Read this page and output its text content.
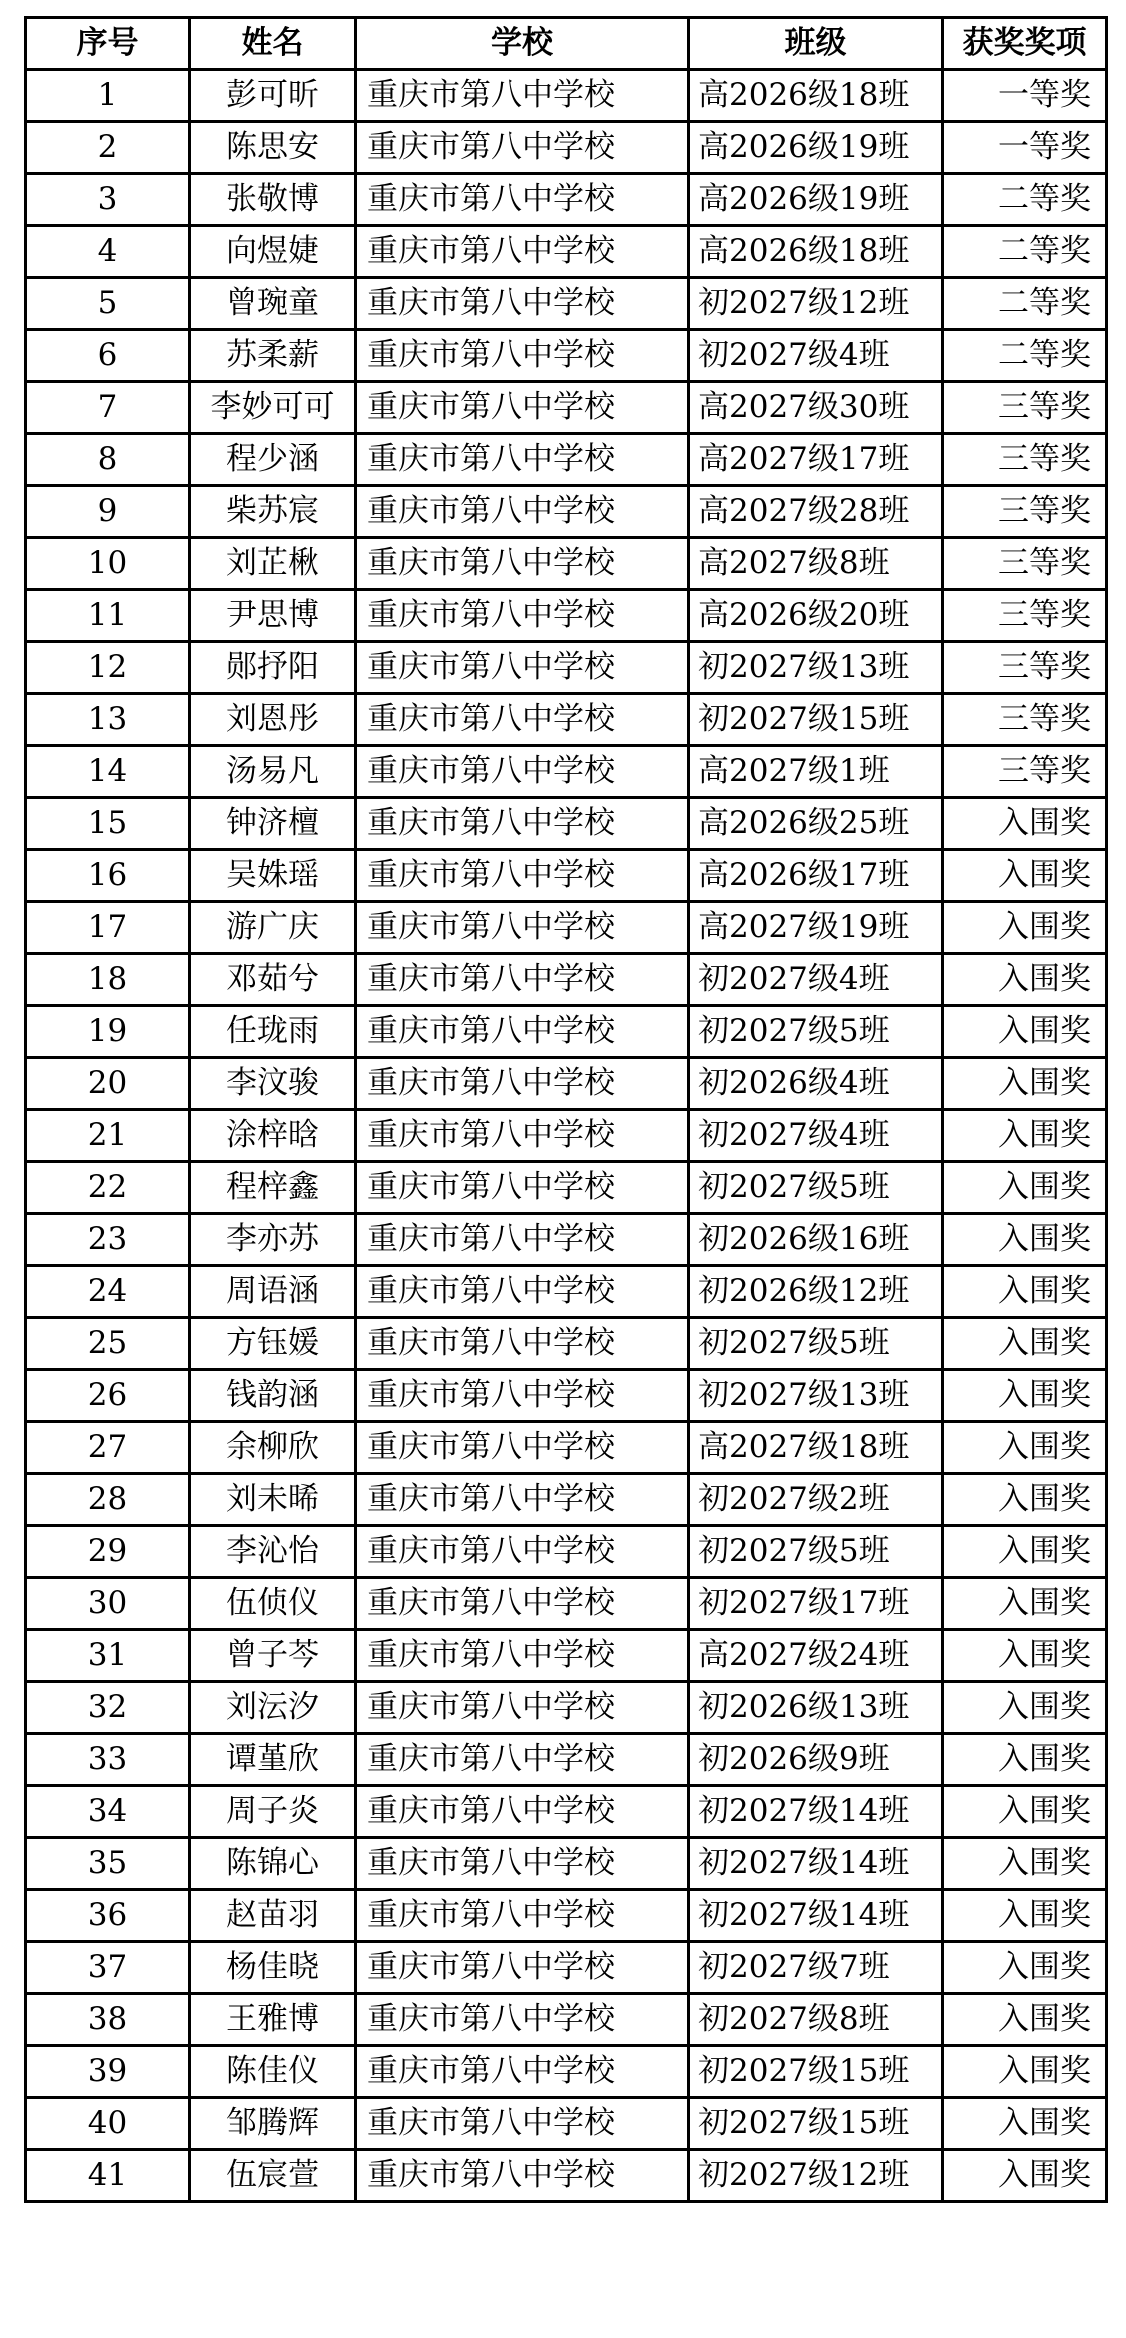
序号	姓名	学校	班级	获奖奖项
1	彭可昕	重庆市第八中学校	高2026级18班	一等奖
2	陈思安	重庆市第八中学校	高2026级19班	一等奖
3	张敬博	重庆市第八中学校	高2026级19班	二等奖
4	向煜婕	重庆市第八中学校	高2026级18班	二等奖
5	曾琬童	重庆市第八中学校	初2027级12班	二等奖
6	苏柔薪	重庆市第八中学校	初2027级4班	二等奖
7	李妙可可	重庆市第八中学校	高2027级30班	三等奖
8	程少涵	重庆市第八中学校	高2027级17班	三等奖
9	柴苏宸	重庆市第八中学校	高2027级28班	三等奖
10	刘芷楸	重庆市第八中学校	高2027级8班	三等奖
11	尹思博	重庆市第八中学校	高2026级20班	三等奖
12	郧抒阳	重庆市第八中学校	初2027级13班	三等奖
13	刘恩彤	重庆市第八中学校	初2027级15班	三等奖
14	汤易凡	重庆市第八中学校	高2027级1班	三等奖
15	钟济檀	重庆市第八中学校	高2026级25班	入围奖
16	吴姝瑶	重庆市第八中学校	高2026级17班	入围奖
17	游广庆	重庆市第八中学校	高2027级19班	入围奖
18	邓茹兮	重庆市第八中学校	初2027级4班	入围奖
19	任珑雨	重庆市第八中学校	初2027级5班	入围奖
20	李汶骏	重庆市第八中学校	初2026级4班	入围奖
21	涂梓晗	重庆市第八中学校	初2027级4班	入围奖
22	程梓鑫	重庆市第八中学校	初2027级5班	入围奖
23	李亦苏	重庆市第八中学校	初2026级16班	入围奖
24	周语涵	重庆市第八中学校	初2026级12班	入围奖
25	方钰媛	重庆市第八中学校	初2027级5班	入围奖
26	钱韵涵	重庆市第八中学校	初2027级13班	入围奖
27	余柳欣	重庆市第八中学校	高2027级18班	入围奖
28	刘未晞	重庆市第八中学校	初2027级2班	入围奖
29	李沁怡	重庆市第八中学校	初2027级5班	入围奖
30	伍侦仪	重庆市第八中学校	初2027级17班	入围奖
31	曾子芩	重庆市第八中学校	高2027级24班	入围奖
32	刘沄汐	重庆市第八中学校	初2026级13班	入围奖
33	谭堇欣	重庆市第八中学校	初2026级9班	入围奖
34	周子炎	重庆市第八中学校	初2027级14班	入围奖
35	陈锦心	重庆市第八中学校	初2027级14班	入围奖
36	赵苗羽	重庆市第八中学校	初2027级14班	入围奖
37	杨佳晓	重庆市第八中学校	初2027级7班	入围奖
38	王雅博	重庆市第八中学校	初2027级8班	入围奖
39	陈佳仪	重庆市第八中学校	初2027级15班	入围奖
40	邹腾辉	重庆市第八中学校	初2027级15班	入围奖
41	伍宸萱	重庆市第八中学校	初2027级12班	入围奖
